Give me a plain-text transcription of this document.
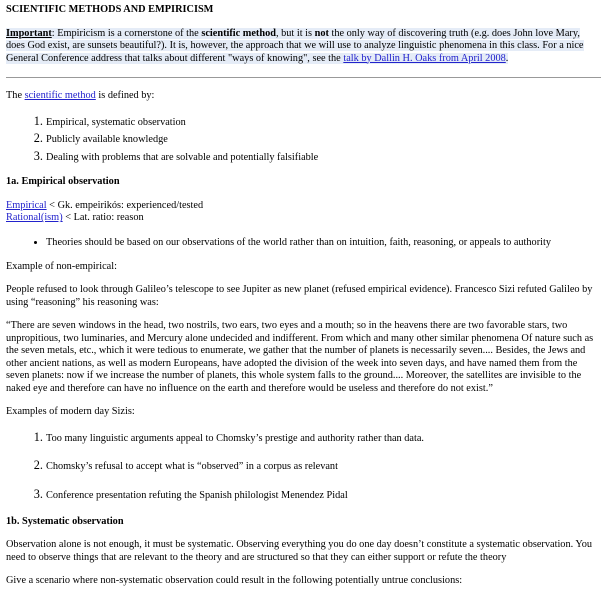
SCIENTIFIC METHODS AND EMPIRICISM

Important: Empiricism is a cornerstone of the scientific method, but it is not the only way of discovering truth (e.g. does John love Mary, does God exist, are sunsets beautiful?). It is, however, the approach that we will use to analyze linguistic phenomena in this class. For a nice General Conference address that talks about different "ways of knowing", see the talk by Dallin H. Oaks from April 2008.

The scientific method is defined by:

1. Empirical, systematic observation
2. Publicly available knowledge
3. Dealing with problems that are solvable and potentially falsifiable

1a. Empirical observation

Empirical < Gk. empeirikós: experienced/tested
Rational(ism) < Lat. ratio: reason

• Theories should be based on our observations of the world rather than on intuition, faith, reasoning, or appeals to authority

Example of non-empirical:

People refused to look through Galileo’s telescope to see Jupiter as new planet (refused empirical evidence). Francesco Sizi refuted Galileo by using “reasoning” his reasoning was:

“There are seven windows in the head, two nostrils, two ears, two eyes and a mouth; so in the heavens there are two favorable stars, two unpropitious, two luminaries, and Mercury alone undecided and indifferent. From which and many other similar phenomena Of nature such as the seven metals, etc., which it were tedious to enumerate, we gather that the number of planets is necessarily seven.... Besides, the Jews and other ancient nations, as well as modern Europeans, have adopted the division of the week into seven days, and have named them from the seven planets: now if we increase the number of planets, this whole system falls to the ground.... Moreover, the satellites are invisible to the naked eye and therefore can have no influence on the earth and therefore would be useless and therefore do not exist.”

Examples of modern day Sizis:

1. Too many linguistic arguments appeal to Chomsky’s prestige and authority rather than data.
2. Chomsky’s refusal to accept what is “observed” in a corpus as relevant
3. Conference presentation refuting the Spanish philologist Menendez Pidal

1b. Systematic observation

Observation alone is not enough, it must be systematic. Observing everything you do one day doesn’t constitute a systematic observation. You need to observe things that are relevant to the theory and are structured so that they can either support or refute the theory

Give a scenario where non-systematic observation could result in the following potentially untrue conclusions:
